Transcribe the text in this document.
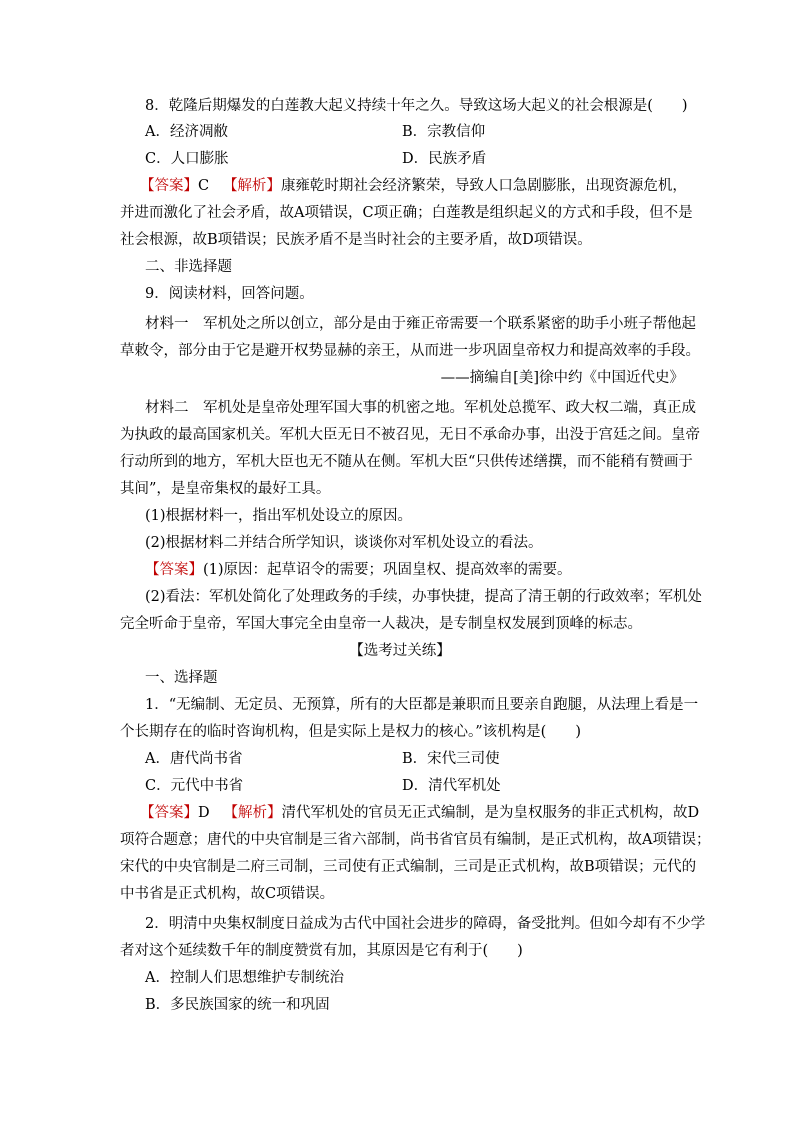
8．乾隆后期爆发的白莲教大起义持续十年之久。导致这场大起义的社会根源是(　　)
A．经济凋敝	B．宗教信仰
C．人口膨胀	D．民族矛盾
【答案】C 【解析】康雍乾时期社会经济繁荣，导致人口急剧膨胀，出现资源危机，
并进而激化了社会矛盾，故A项错误，C项正确；白莲教是组织起义的方式和手段，但不是
社会根源，故B项错误；民族矛盾不是当时社会的主要矛盾，故D项错误。
二、非选择题
9．阅读材料，回答问题。
材料一　军机处之所以创立，部分是由于雍正帝需要一个联系紧密的助手小班子帮他起
草敕令，部分由于它是避开权势显赫的亲王，从而进一步巩固皇帝权力和提高效率的手段。
——摘编自[美]徐中约《中国近代史》
材料二　军机处是皇帝处理军国大事的机密之地。军机处总揽军、政大权二端，真正成
为执政的最高国家机关。军机大臣无日不被召见，无日不承命办事，出没于宫廷之间。皇帝
行动所到的地方，军机大臣也无不随从在侧。军机大臣“只供传述缮撰，而不能稍有赞画于
其间”，是皇帝集权的最好工具。
(1)根据材料一，指出军机处设立的原因。
(2)根据材料二并结合所学知识，谈谈你对军机处设立的看法。
【答案】(1)原因：起草诏令的需要；巩固皇权、提高效率的需要。
(2)看法：军机处简化了处理政务的手续，办事快捷，提高了清王朝的行政效率；军机处
完全听命于皇帝，军国大事完全由皇帝一人裁决，是专制皇权发展到顶峰的标志。
【选考过关练】
一、选择题
1．“无编制、无定员、无预算，所有的大臣都是兼职而且要亲自跑腿，从法理上看是一
个长期存在的临时咨询机构，但是实际上是权力的核心。”该机构是(　　)
A．唐代尚书省	B．宋代三司使
C．元代中书省	D．清代军机处
【答案】D 【解析】清代军机处的官员无正式编制，是为皇权服务的非正式机构，故D
项符合题意；唐代的中央官制是三省六部制，尚书省官员有编制，是正式机构，故A项错误；
宋代的中央官制是二府三司制，三司使有正式编制，三司是正式机构，故B项错误；元代的
中书省是正式机构，故C项错误。
2．明清中央集权制度日益成为古代中国社会进步的障碍，备受批判。但如今却有不少学
者对这个延续数千年的制度赞赏有加，其原因是它有利于(　　)
A．控制人们思想维护专制统治
B．多民族国家的统一和巩固
